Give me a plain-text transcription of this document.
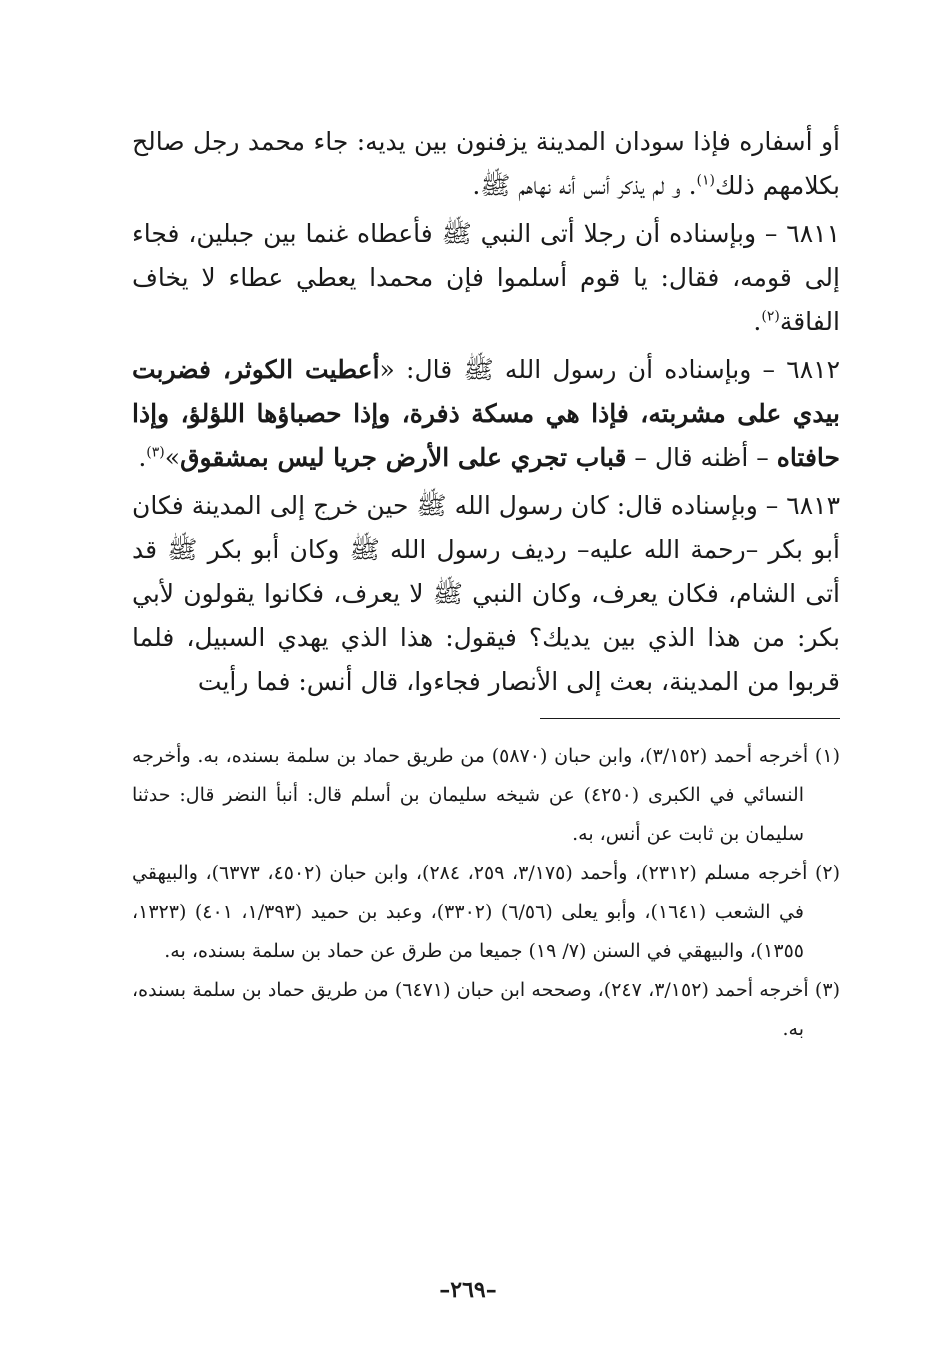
أو أسفاره فإذا سودان المدينة يزفنون بين يديه: جاء محمد رجل صالح بكلامهم ذلك$^{(١)}$. و لم يذكر أنس أنه نهاهم ﷺ.

٦٨١١ – وبإسناده أن رجلا أتى النبي ﷺ فأعطاه غنما بين جبلين، فجاء إلى قومه، فقال: يا قوم أسلموا فإن محمدا يعطي عطاء لا يخاف الفاقة$^{(٢)}$.

٦٨١٢ – وبإسناده أن رسول الله ﷺ قال: «أعطيت الكوثر، فضربت بيدي على مشربته، فإذا هي مسكة ذفرة، وإذا حصباؤها اللؤلؤ، وإذا حافتاه – أظنه قال – قباب تجري على الأرض جريا ليس بمشقوق»$^{(٣)}$.

٦٨١٣ – وبإسناده قال: كان رسول الله ﷺ حين خرج إلى المدينة فكان أبو بكر –رحمة الله عليه– رديف رسول الله ﷺ وكان أبو بكر ﷺ قد أتى الشام، فكان يعرف، وكان النبي ﷺ لا يعرف، فكانوا يقولون لأبي بكر: من هذا الذي بين يديك؟ فيقول: هذا الذي يهدي السبيل، فلما قربوا من المدينة، بعث إلى الأنصار فجاءوا، قال أنس: فما رأيت

(١) أخرجه أحمد (٣/١٥٢)، وابن حبان (٥٨٧٠) من طريق حماد بن سلمة بسنده، به. وأخرجه النسائي في الكبرى (٤٢٥٠) عن شيخه سليمان بن أسلم قال: أنبأ النضر قال: حدثنا سليمان بن ثابت عن أنس، به.

(٢) أخرجه مسلم (٢٣١٢)، وأحمد (٣/١٧٥، ٢٥٩، ٢٨٤)، وابن حبان (٤٥٠٢، ٦٣٧٣)، والبيهقي في الشعب (١٦٤١)، وأبو يعلى (٦/٥٦) (٣٣٠٢)، وعبد بن حميد (١/٣٩٣، ٤٠١) (١٣٢٣، ١٣٥٥)، والبيهقي في السنن (٧/ ١٩) جميعا من طرق عن حماد بن سلمة بسنده، به.

(٣) أخرجه أحمد (٣/١٥٢، ٢٤٧)، وصححه ابن حبان (٦٤٧١) من طريق حماد بن سلمة بسنده، به.

–٢٦٩–
